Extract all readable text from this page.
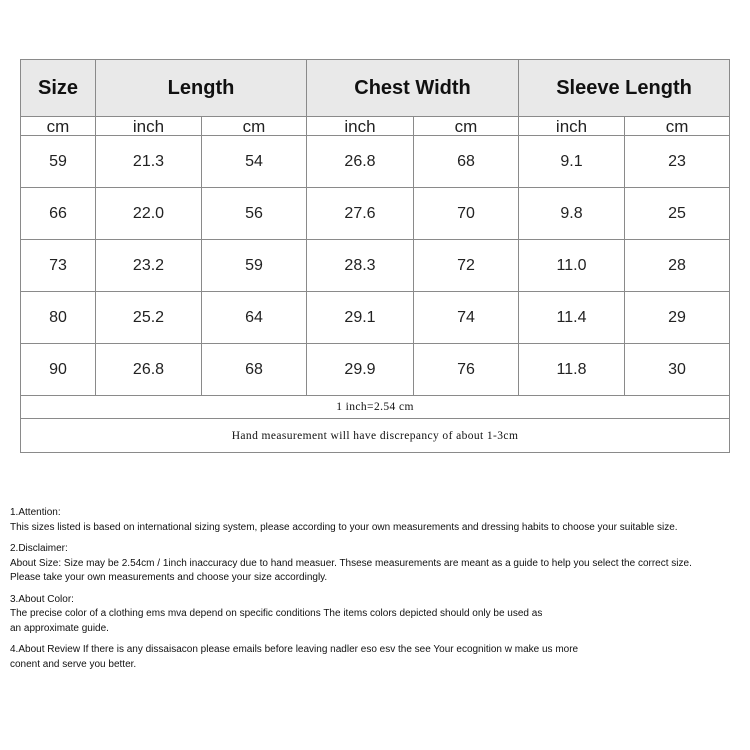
Size	Length		Chest Width		Sleeve Length	
cm	inch	cm	inch	cm	inch	cm
59	21.3	54	26.8	68	9.1	23
66	22.0	56	27.6	70	9.8	25
73	23.2	59	28.3	72	11.0	28
80	25.2	64	29.1	74	11.4	29
90	26.8	68	29.9	76	11.8	30
1 inch=2.54 cm						
Hand measurement will have discrepancy of about 1-3cm						
1.Attention:
This sizes listed is based on international sizing system, please according to your own measurements and dressing habits to choose your suitable size.
2.Disclaimer:
About Size: Size may be 2.54cm / 1inch inaccuracy due to hand measuer. Thsese measurements are meant as a guide to help you select the correct size.
Please take your own measurements and choose your size accordingly.
3.About Color:
The precise color of a clothing ems mva depend on specific conditions The items colors depicted should only be used as
an approximate guide.
4.About Review If there is any dissaisacon please emails before leaving nadler eso esv the see Your ecognition w make us more
conent and serve you better.
